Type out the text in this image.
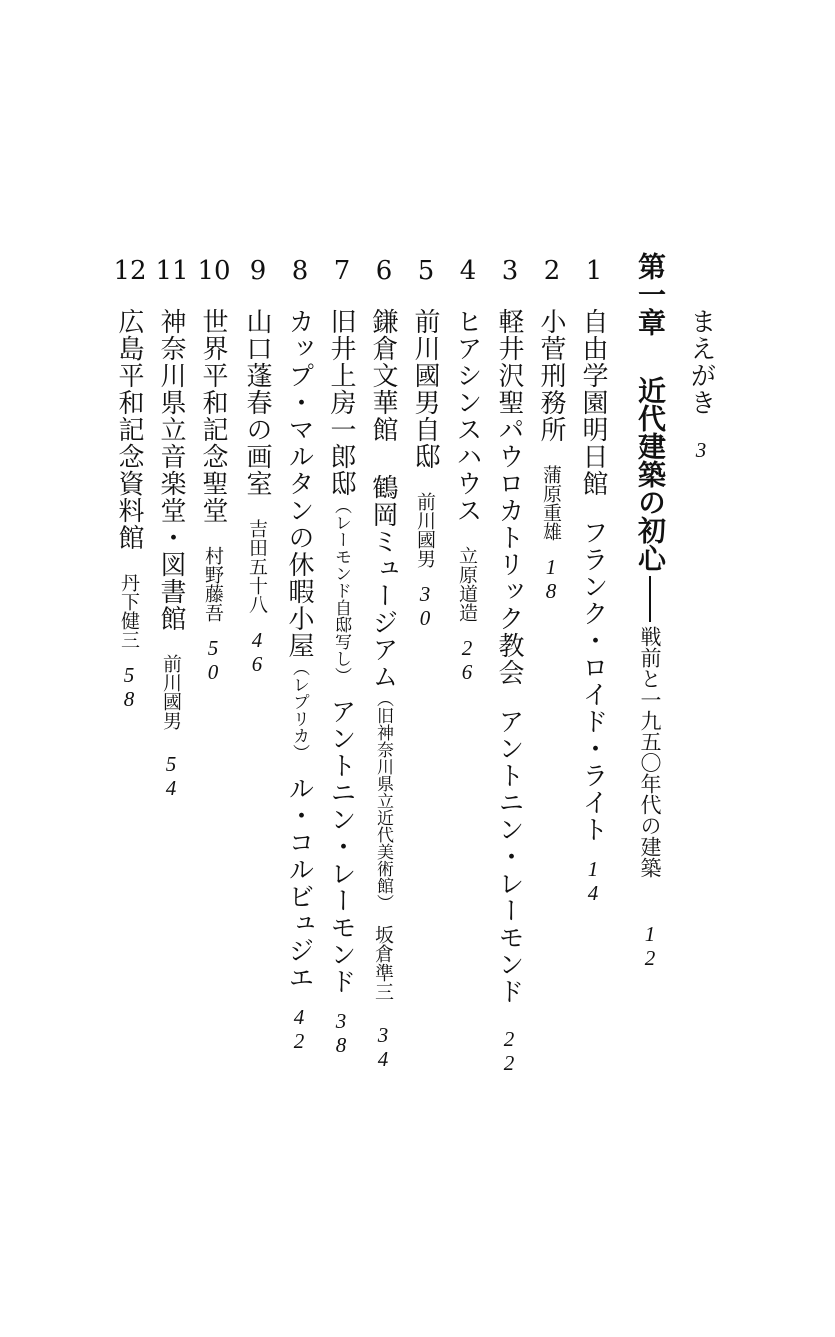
まえがき3
第一章近代建築の初心戦前と一九五〇年代の建築12
1
2
3
4
5
6
7
8
9
10
11
12
自由学園明日館フランク・ロイド・ライト14
小菅刑務所蒲原重雄18
軽井沢聖パウロカトリック教会アントニン・レーモンド22
ヒアシンスハウス立原道造26
前川國男自邸前川國男30
鎌倉文華館 鶴岡ミュージアム（旧神奈川県立近代美術館）坂倉準三34
旧井上房一郎邸（レーモンド自邸写し）アントニン・レーモンド38
カップ・マルタンの休暇小屋（レプリカ）ル・コルビュジエ42
山口蓬春の画室吉田五十八46
世界平和記念聖堂村野藤吾50
神奈川県立音楽堂・図書館前川國男54
広島平和記念資料館丹下健三58
